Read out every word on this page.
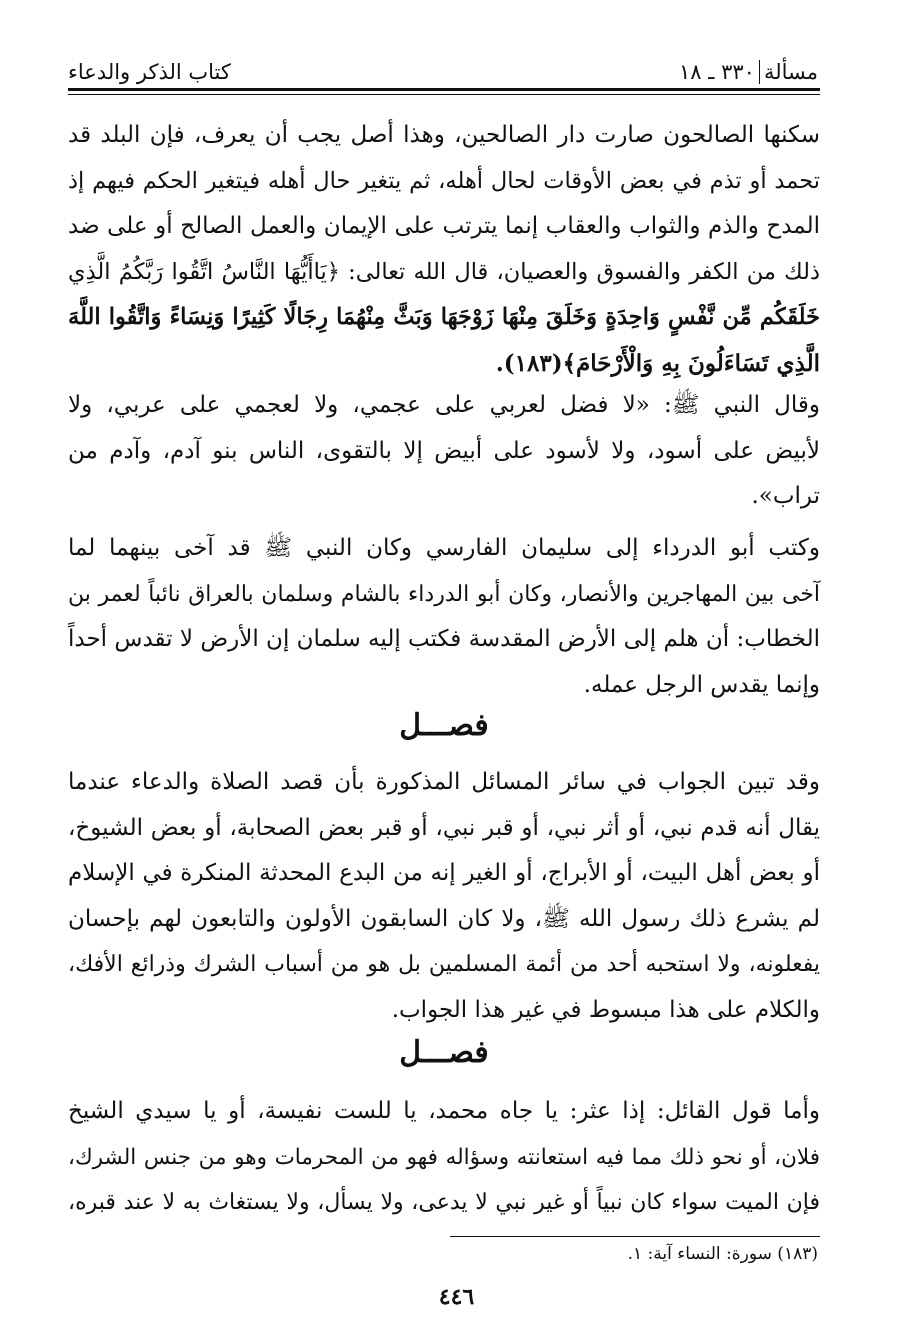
مسألة
٣٣٠ ـ ١٨
كتاب الذكر والدعاء
سكنها الصالحون صارت دار الصالحين، وهذا أصل يجب أن يعرف، فإن البلد قد
تحمد أو تذم في بعض الأوقات لحال أهله، ثم يتغير حال أهله فيتغير الحكم فيهم إذ
المدح والذم والثواب والعقاب إنما يترتب على الإيمان والعمل الصالح أو على ضد
ذلك من الكفر والفسوق والعصيان، قال الله تعالى: ﴿يَاأَيُّهَا النَّاسُ اتَّقُوا رَبَّكُمُ الَّذِي
خَلَقَكُم مِّن نَّفْسٍ وَاحِدَةٍ وَخَلَقَ مِنْهَا زَوْجَهَا وَبَثَّ مِنْهُمَا رِجَالًا كَثِيرًا وَنِسَاءً وَاتَّقُوا اللَّهَ
الَّذِي تَسَاءَلُونَ بِهِ وَالْأَرْحَامَ﴾(١٨٣).
وقال النبي ﷺ: «لا فضل لعربي على عجمي، ولا لعجمي على عربي، ولا
لأبيض على أسود، ولا لأسود على أبيض إلا بالتقوى، الناس بنو آدم، وآدم من
تراب».
وكتب أبو الدرداء إلى سليمان الفارسي وكان النبي ﷺ قد آخى بينهما لما
آخى بين المهاجرين والأنصار، وكان أبو الدرداء بالشام وسلمان بالعراق نائباً لعمر بن
الخطاب: أن هلم إلى الأرض المقدسة فكتب إليه سلمان إن الأرض لا تقدس أحداً
وإنما يقدس الرجل عمله.
فصـــل
وقد تبين الجواب في سائر المسائل المذكورة بأن قصد الصلاة والدعاء عندما
يقال أنه قدم نبي، أو أثر نبي، أو قبر نبي، أو قبر بعض الصحابة، أو بعض الشيوخ،
أو بعض أهل البيت، أو الأبراج، أو الغير إنه من البدع المحدثة المنكرة في الإسلام
لم يشرع ذلك رسول الله ﷺ، ولا كان السابقون الأولون والتابعون لهم بإحسان
يفعلونه، ولا استحبه أحد من أئمة المسلمين بل هو من أسباب الشرك وذرائع الأفك،
والكلام على هذا مبسوط في غير هذا الجواب.
فصـــل
وأما قول القائل: إذا عثر: يا جاه محمد، يا للست نفيسة، أو يا سيدي الشيخ
فلان، أو نحو ذلك مما فيه استعانته وسؤاله فهو من المحرمات وهو من جنس الشرك،
فإن الميت سواء كان نبياً أو غير نبي لا يدعى، ولا يسأل، ولا يستغاث به لا عند قبره،
(١٨٣) سورة: النساء آية: ١.
٤٤٦
